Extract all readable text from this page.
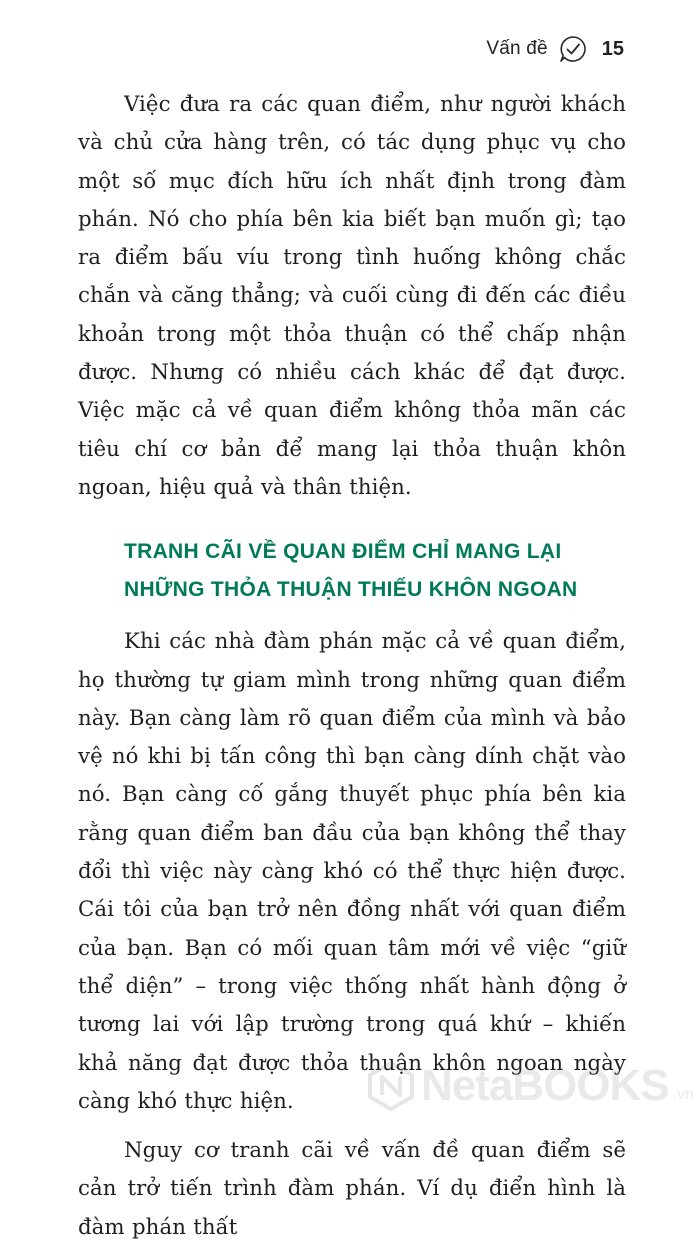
Vấn đề	15

Việc đưa ra các quan điểm, như người khách và chủ cửa hàng trên, có tác dụng phục vụ cho một số mục đích hữu ích nhất định trong đàm phán. Nó cho phía bên kia biết bạn muốn gì; tạo ra điểm bấu víu trong tình huống không chắc chắn và căng thẳng; và cuối cùng đi đến các điều khoản trong một thỏa thuận có thể chấp nhận được. Nhưng có nhiều cách khác để đạt được. Việc mặc cả về quan điểm không thỏa mãn các tiêu chí cơ bản để mang lại thỏa thuận khôn ngoan, hiệu quả và thân thiện.

TRANH CÃI VỀ QUAN ĐIỂM CHỈ MANG LẠI
NHỮNG THỎA THUẬN THIẾU KHÔN NGOAN

Khi các nhà đàm phán mặc cả về quan điểm, họ thường tự giam mình trong những quan điểm này. Bạn càng làm rõ quan điểm của mình và bảo vệ nó khi bị tấn công thì bạn càng dính chặt vào nó. Bạn càng cố gắng thuyết phục phía bên kia rằng quan điểm ban đầu của bạn không thể thay đổi thì việc này càng khó có thể thực hiện được. Cái tôi của bạn trở nên đồng nhất với quan điểm của bạn. Bạn có mối quan tâm mới về việc “giữ thể diện” – trong việc thống nhất hành động ở tương lai với lập trường trong quá khứ – khiến khả năng đạt được thỏa thuận khôn ngoan ngày càng khó thực hiện.

Nguy cơ tranh cãi về vấn đề quan điểm sẽ cản trở tiến trình đàm phán. Ví dụ điển hình là đàm phán thất

NetaBOOKS .vn
